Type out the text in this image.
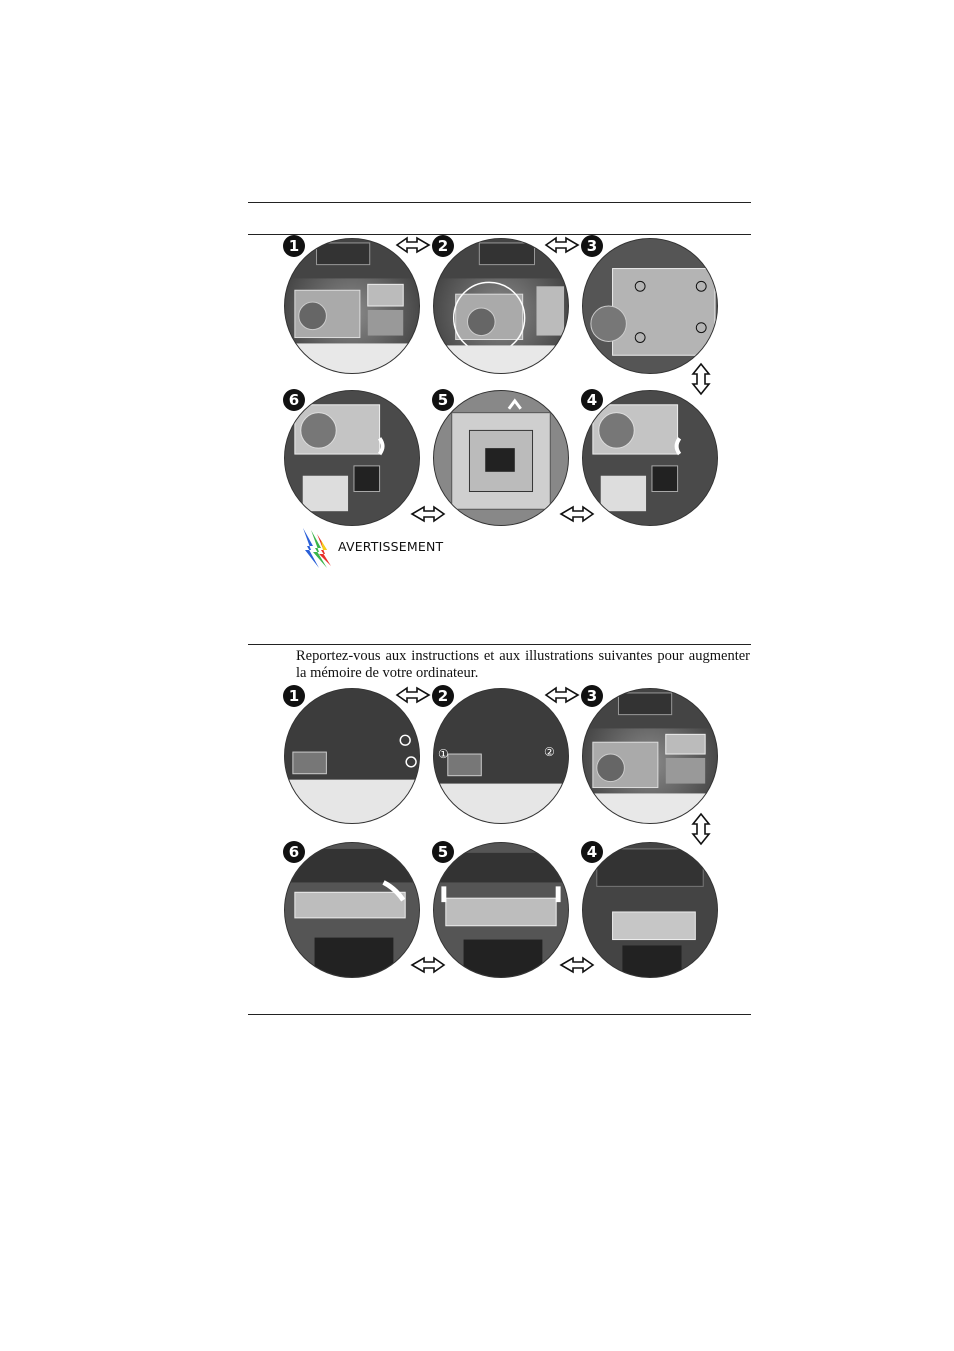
1	2	3
6	5	4
AVERTISSEMENT
Reportez-vous aux instructions et aux illustrations suivantes pour augmenter la mémoire de votre ordinateur.
1
①	②
2	3
6	5	4
